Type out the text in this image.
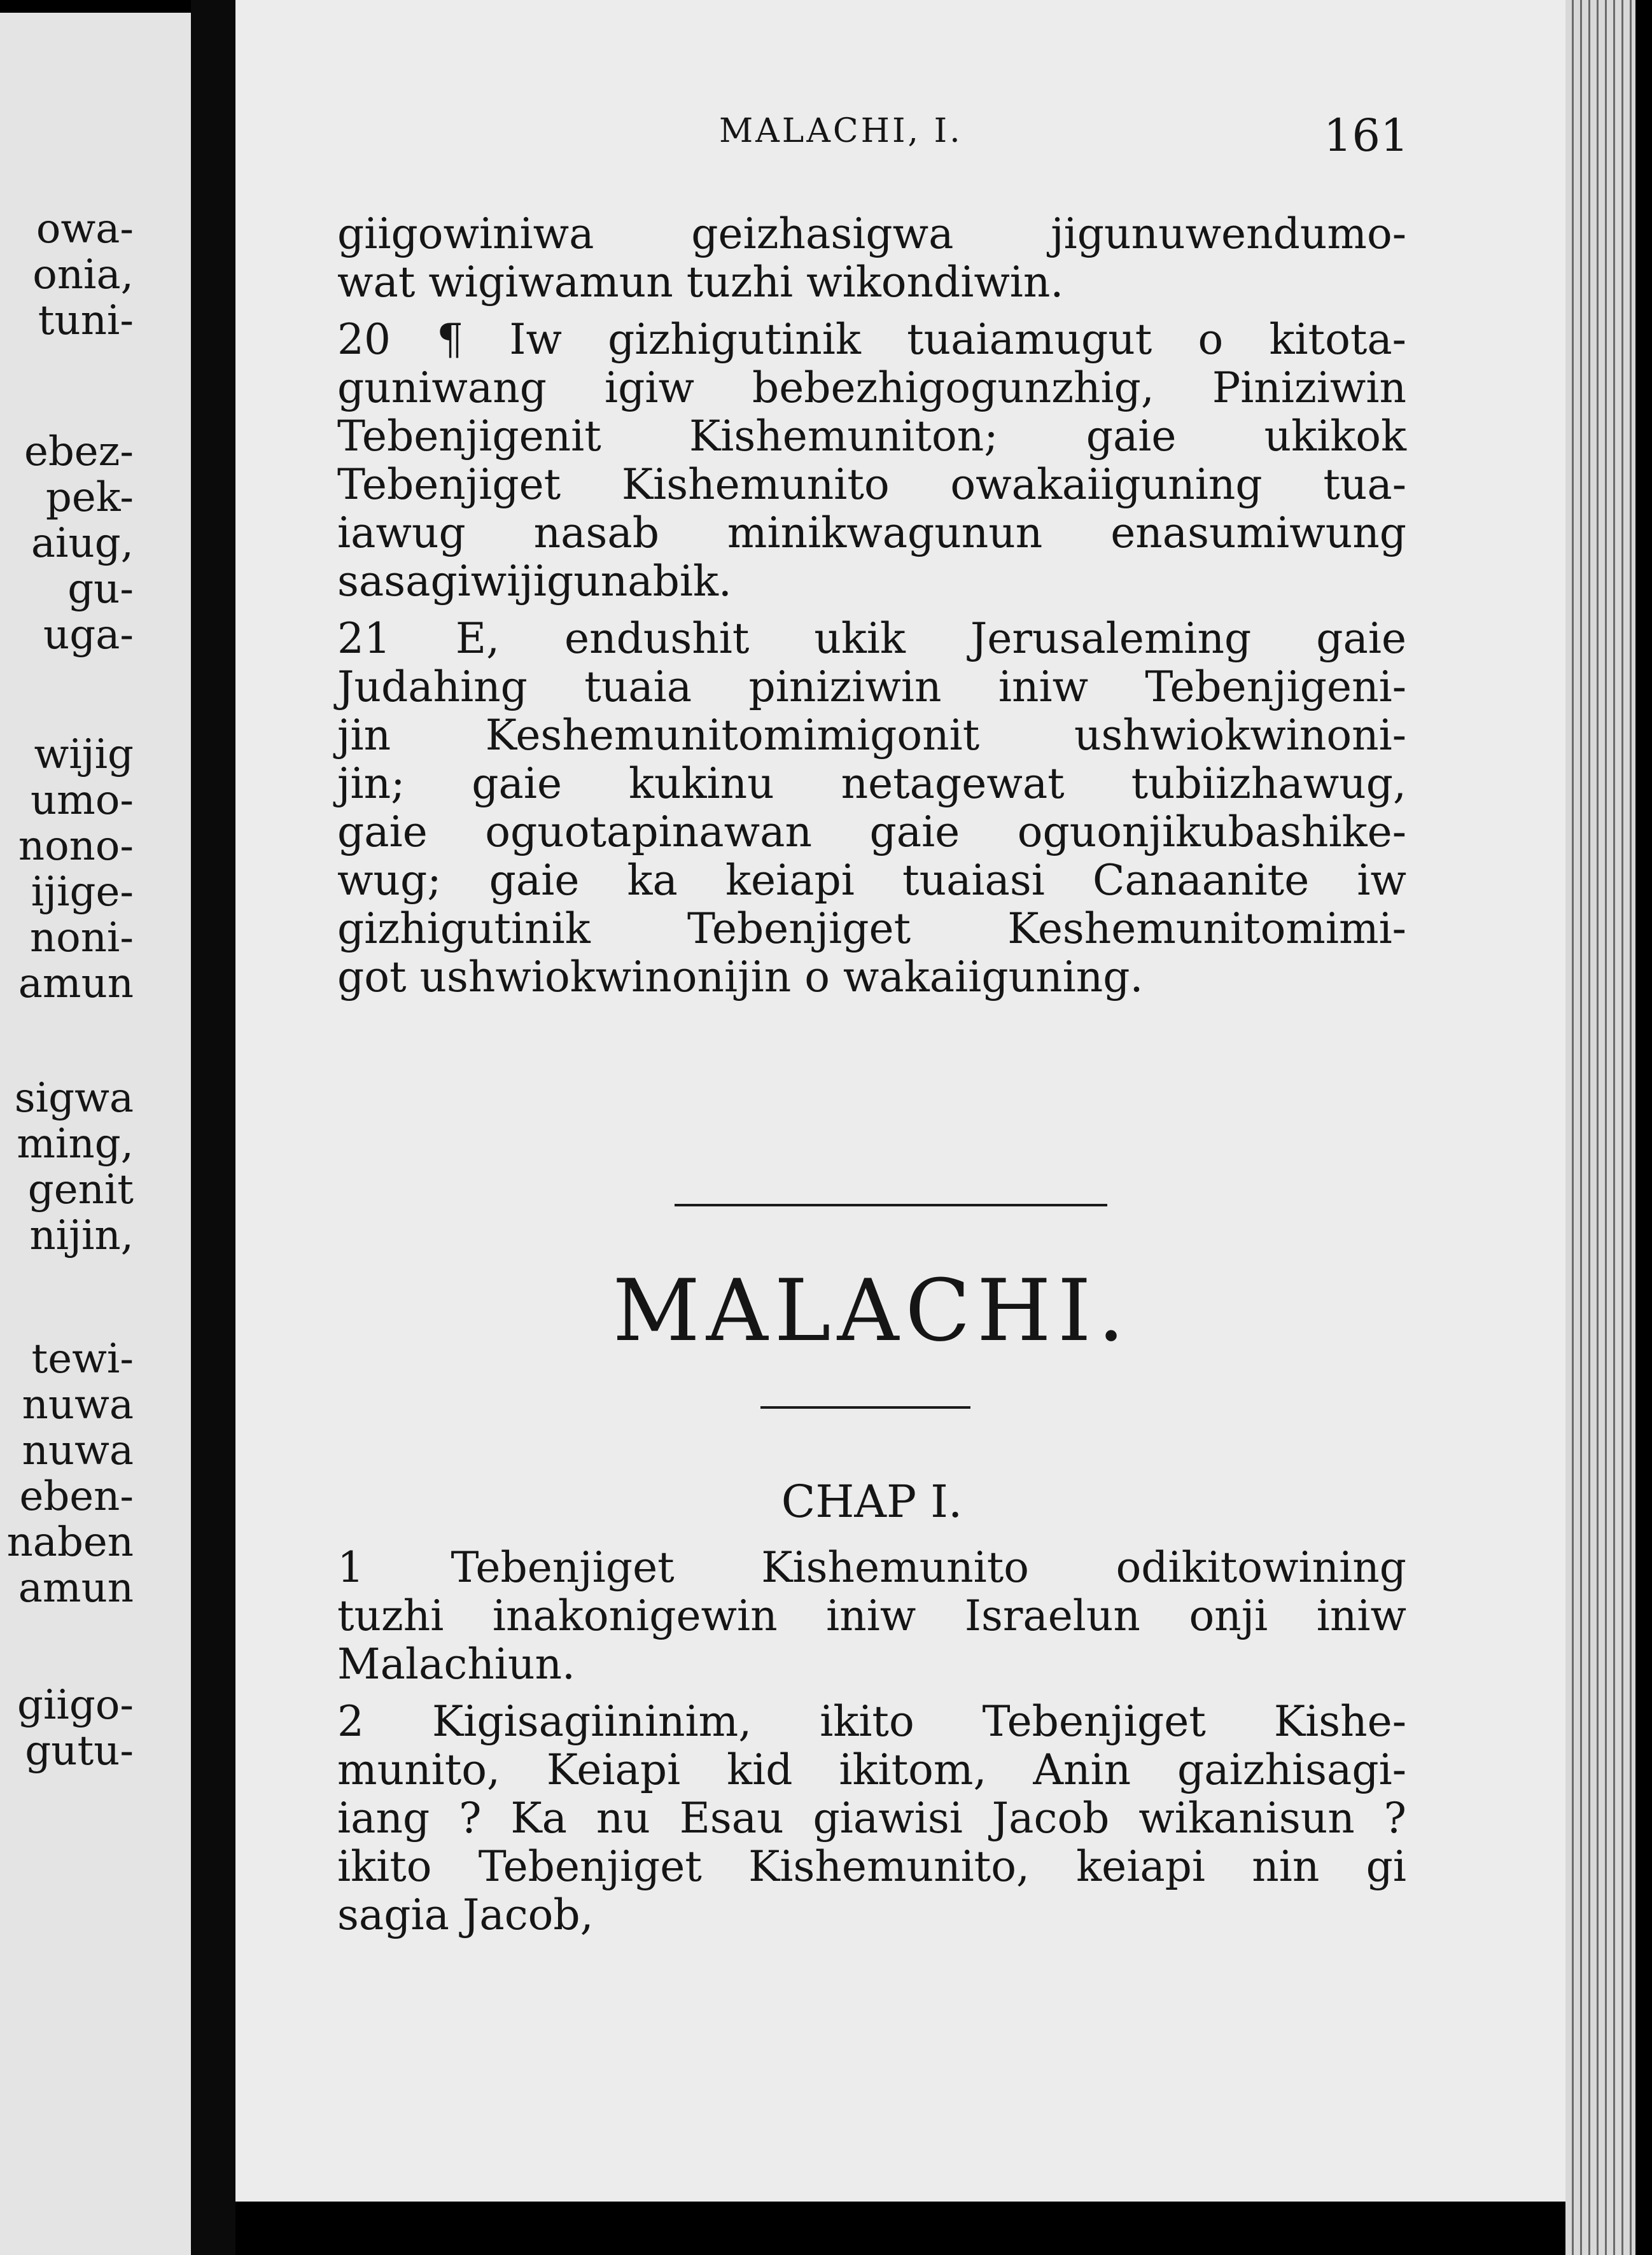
owa-
onia,
tuni-
ebez-
pek-
aiug,
gu-
uga-
wijig
umo-
nono-
ijige-
noni-
amun
sigwa
ming,
genit
nijin,
tewi-
nuwa
nuwa
eben-
naben
amun
giigo-
gutu-
MALACHI, I.	161
giigowiniwa geizhasigwa jigunuwendumo-
wat wigiwamun tuzhi wikondiwin.
20 ¶ Iw gizhigutinik tuaiamugut o kitota-
guniwang igiw bebezhigogunzhig, Piniziwin
Tebenjigenit Kishemuniton; gaie ukikok
Tebenjiget Kishemunito owakaiiguning tua-
iawug nasab minikwagunun enasumiwung
sasagiwijigunabik.
21 E, endushit ukik Jerusaleming gaie
Judahing tuaia piniziwin iniw Tebenjigeni-
jin Keshemunitomimigonit ushwiokwinoni-
jin; gaie kukinu netagewat tubiizhawug,
gaie oguotapinawan gaie oguonjikubashike-
wug; gaie ka keiapi tuaiasi Canaanite iw
gizhigutinik Tebenjiget Keshemunitomimi-
got ushwiokwinonijin o wakaiiguning.
MALACHI.
CHAP I.
1 Tebenjiget Kishemunito odikitowining
tuzhi inakonigewin iniw Israelun onji iniw
Malachiun.
2 Kigisagiininim, ikito Tebenjiget Kishe-
munito, Keiapi kid ikitom, Anin gaizhisagi-
iang ? Ka nu Esau giawisi Jacob wikanisun ?
ikito Tebenjiget Kishemunito, keiapi nin gi
sagia Jacob,
